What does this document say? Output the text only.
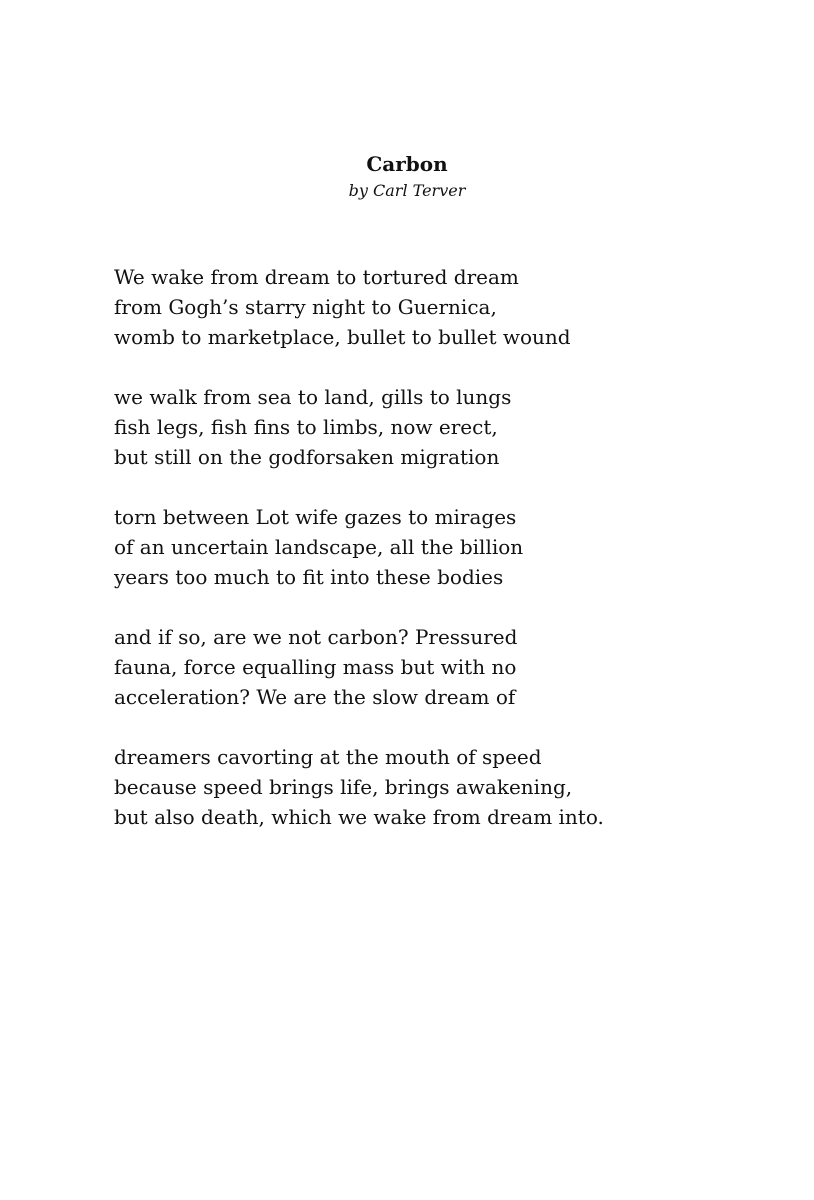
Carbon

by Carl Terver

We wake from dream to tortured dream
from Gogh’s starry night to Guernica,
womb to marketplace, bullet to bullet wound
we walk from sea to land, gills to lungs
fish legs, fish fins to limbs, now erect,
but still on the godforsaken migration
torn between Lot wife gazes to mirages
of an uncertain landscape, all the billion
years too much to fit into these bodies
and if so, are we not carbon? Pressured
fauna, force equalling mass but with no
acceleration? We are the slow dream of
dreamers cavorting at the mouth of speed
because speed brings life, brings awakening,
but also death, which we wake from dream into.
